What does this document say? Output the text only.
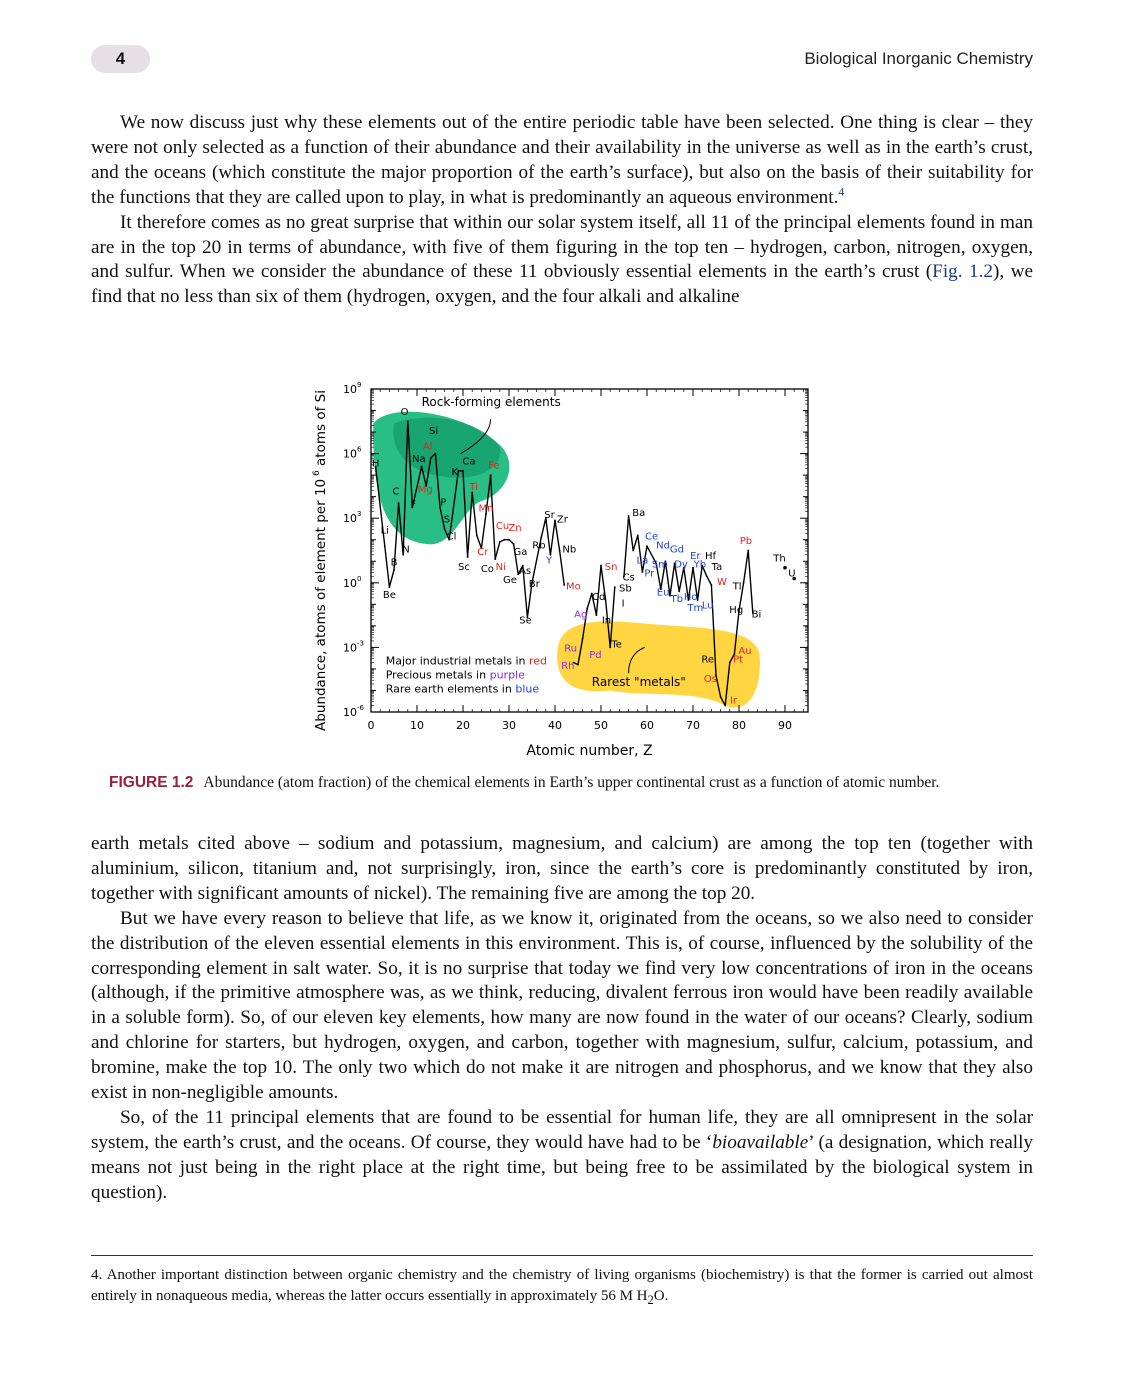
4	Biological Inorganic Chemistry

We now discuss just why these elements out of the entire periodic table have been selected. One thing is clear – they were not only selected as a function of their abundance and their availability in the universe as well as in the earth’s crust, and the oceans (which constitute the major proportion of the earth’s surface), but also on the basis of their suitability for the functions that they are called upon to play, in what is predominantly an aqueous environment.$^4$

It therefore comes as no great surprise that within our solar system itself, all 11 of the principal elements found in man are in the top 20 in terms of abundance, with five of them figuring in the top ten – hydrogen, carbon, nitrogen, oxygen, and sulfur. When we consider the abundance of these 11 obviously essential elements in the earth’s crust (Fig. 1.2), we find that no less than six of them (hydrogen, oxygen, and the four alkali and alkaline

0	10	20	30	40	50	60	70	80	90
$10^9$
$10^6$
$10^3$
$10^0$
$10^{-3}$
$10^{-6}$
Atomic number, Z
Abundance, atoms of element per 10 $^6$ atoms of Si	H
Li
Be
B
C
N
O
F
Na
Mg
Al
Si
P
S
Cl
K
Ca
Sc
Ti
Cr
Mn
Fe
Co Ni
Cu Zn
Ga
Ge
As
Se
Br
Rb
Sr Zr
Y
Nb
Mo
Ru
Rh
Pd
Ag
Cd
In
Sn
Sb
Te
I
Cs
Ba
La
Ce
Pr
Nd
Sm
Gd
Eu
Tb
Dy
Ho
Er
Tm
Yb
Lu
Hf
Ta
W
Re
Os
Ir
Pt
Au
Hg
Tl
Pb
Bi
Th
U
Rock-forming elements
Rarest "metals"
Major industrial metals in red
Precious metals in purple
Rare earth elements in blue
FIGURE 1.2 Abundance (atom fraction) of the chemical elements in Earth’s upper continental crust as a function of atomic number.

earth metals cited above – sodium and potassium, magnesium, and calcium) are among the top ten (together with aluminium, silicon, titanium and, not surprisingly, iron, since the earth’s core is predominantly constituted by iron, together with significant amounts of nickel). The remaining five are among the top 20.

But we have every reason to believe that life, as we know it, originated from the oceans, so we also need to consider the distribution of the eleven essential elements in this environment. This is, of course, influenced by the solubility of the corresponding element in salt water. So, it is no surprise that today we find very low concentrations of iron in the oceans (although, if the primitive atmosphere was, as we think, reducing, divalent ferrous iron would have been readily available in a soluble form). So, of our eleven key elements, how many are now found in the water of our oceans? Clearly, sodium and chlorine for starters, but hydrogen, oxygen, and carbon, together with magnesium, sulfur, calcium, potassium, and bromine, make the top 10. The only two which do not make it are nitrogen and phosphorus, and we know that they also exist in non-negligible amounts.

So, of the 11 principal elements that are found to be essential for human life, they are all omnipresent in the solar system, the earth’s crust, and the oceans. Of course, they would have had to be ‘bioavailable’ (a designation, which really means not just being in the right place at the right time, but being free to be assimilated by the biological system in question).

4. Another important distinction between organic chemistry and the chemistry of living organisms (biochemistry) is that the former is carried out almost entirely in nonaqueous media, whereas the latter occurs essentially in approximately 56 M $H_2O$.
